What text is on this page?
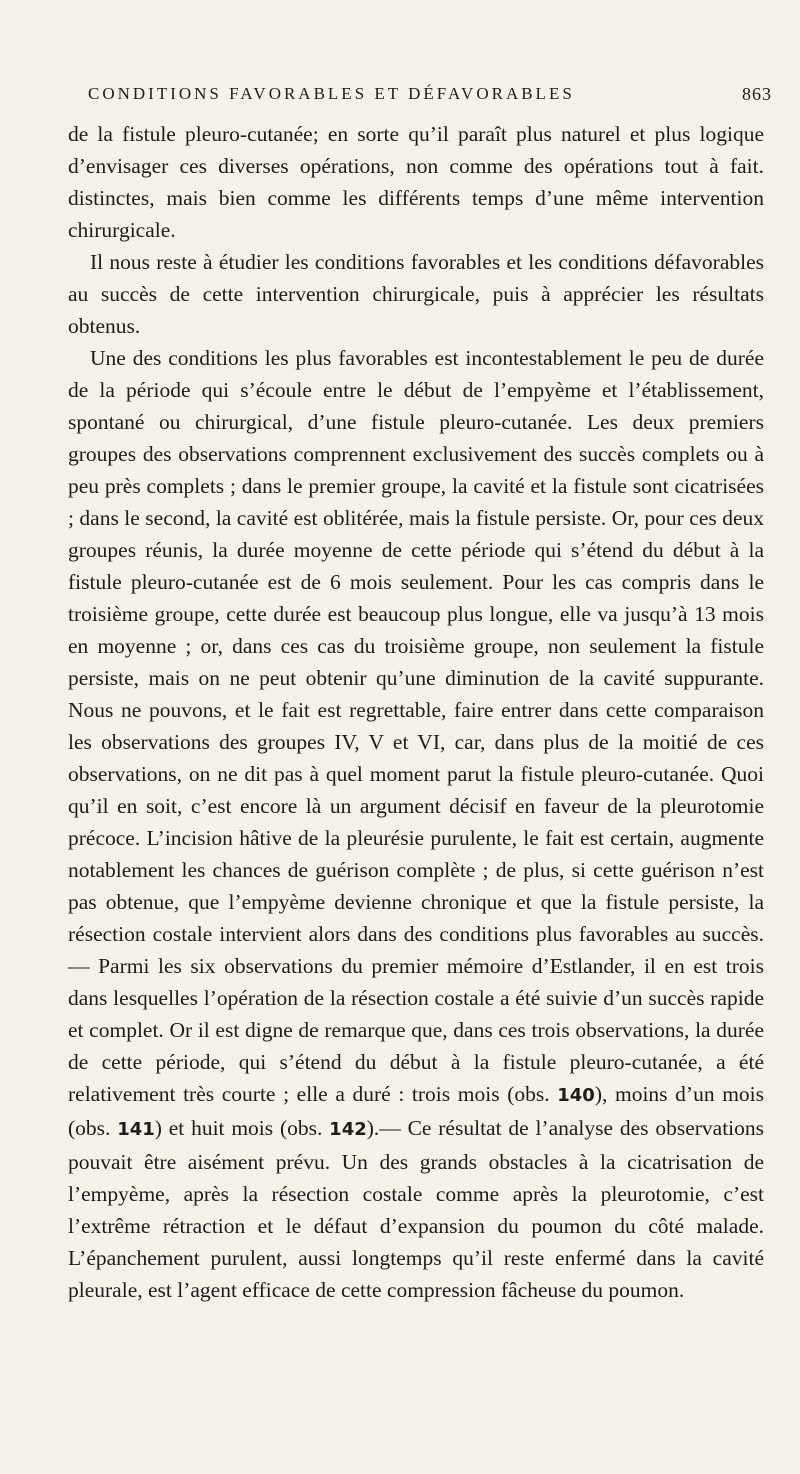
CONDITIONS FAVORABLES ET DÉFAVORABLES	863

de la fistule pleuro-cutanée; en sorte qu’il paraît plus naturel et plus logique d’envisager ces diverses opérations, non comme des opérations tout à fait. distinctes, mais bien comme les différents temps d’une même intervention chirurgicale.

Il nous reste à étudier les conditions favorables et les conditions défavorables au succès de cette intervention chirurgicale, puis à apprécier les résultats obtenus.

Une des conditions les plus favorables est incontestablement le peu de durée de la période qui s’écoule entre le début de l’empyème et l’établissement, spontané ou chirurgical, d’une fistule pleuro-cutanée. Les deux premiers groupes des observations comprennent exclusivement des succès complets ou à peu près complets ; dans le premier groupe, la cavité et la fistule sont cicatrisées ; dans le second, la cavité est oblitérée, mais la fistule persiste. Or, pour ces deux groupes réunis, la durée moyenne de cette période qui s’étend du début à la fistule pleuro-cutanée est de 6 mois seulement. Pour les cas compris dans le troisième groupe, cette durée est beaucoup plus longue, elle va jusqu’à 13 mois en moyenne ; or, dans ces cas du troisième groupe, non seulement la fistule persiste, mais on ne peut obtenir qu’une diminution de la cavité suppurante. Nous ne pouvons, et le fait est regrettable, faire entrer dans cette comparaison les observations des groupes IV, V et VI, car, dans plus de la moitié de ces observations, on ne dit pas à quel moment parut la fistule pleuro-cutanée. Quoi qu’il en soit, c’est encore là un argument décisif en faveur de la pleurotomie précoce. L’incision hâtive de la pleurésie purulente, le fait est certain, augmente notablement les chances de guérison complète ; de plus, si cette guérison n’est pas obtenue, que l’empyème devienne chronique et que la fistule persiste, la résection costale intervient alors dans des conditions plus favorables au succès. — Parmi les six observations du premier mémoire d’Estlander, il en est trois dans lesquelles l’opération de la résection costale a été suivie d’un succès rapide et complet. Or il est digne de remarque que, dans ces trois observations, la durée de cette période, qui s’étend du début à la fistule pleuro-cutanée, a été relativement très courte ; elle a duré : trois mois (obs. 140), moins d’un mois (obs. 141) et huit mois (obs. 142).— Ce résultat de l’analyse des observations pouvait être aisément prévu. Un des grands obstacles à la cicatrisation de l’empyème, après la résection costale comme après la pleurotomie, c’est l’extrême rétraction et le défaut d’expansion du poumon du côté malade. L’épanchement purulent, aussi longtemps qu’il reste enfermé dans la cavité pleurale, est l’agent efficace de cette compression fâcheuse du poumon.
